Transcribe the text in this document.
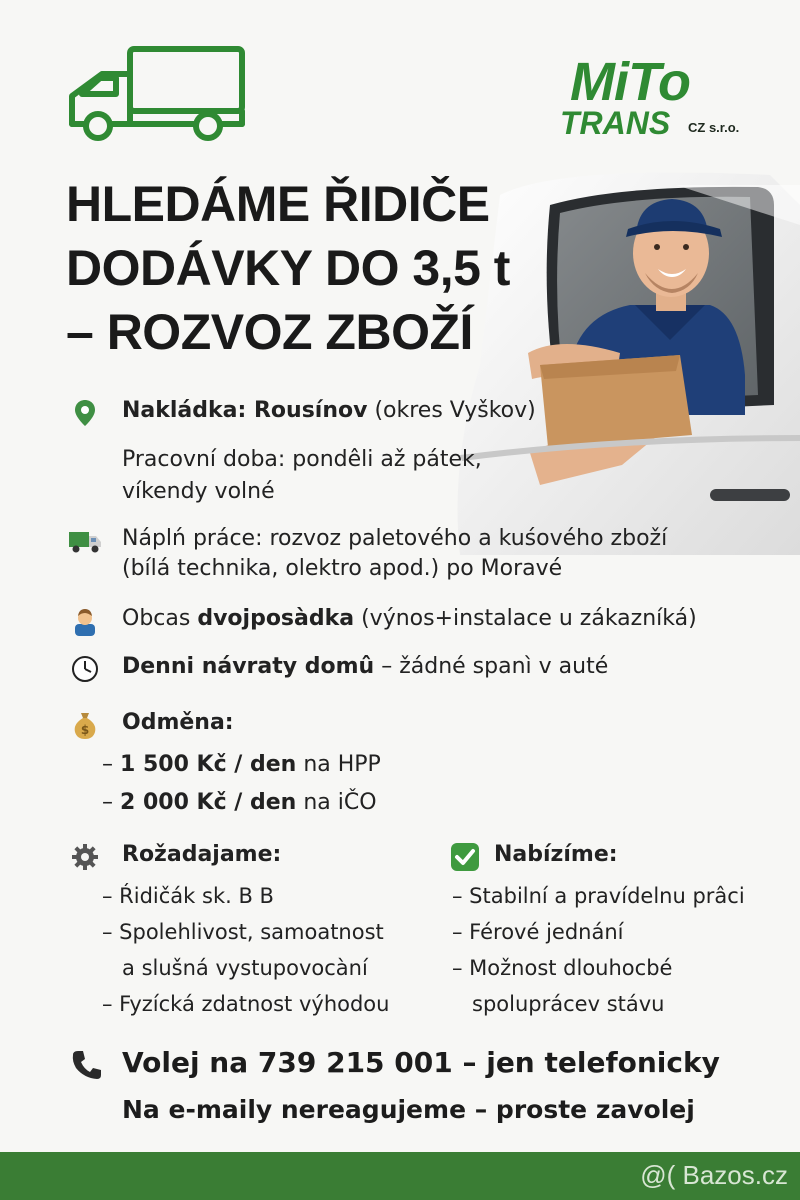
MiTo
TRANS CZ s.r.o.
HLEDÁME ŘIDIČE
DODÁVKY DO 3,5 t
– ROZVOZ ZBOŽÍ
Nakládka: Rousínov (okres Vyškov)
Pracovní doba: pondêli až pátek,
víkendy volné
Náplń práce: rozvoz paletového a kuśového zboží
(bílá technika, olektro apod.) po Moravé
Obcas dvojposàdka (výnos+instalace u zákazníká)
Denni návraty domû – žádné spanì v auté
$ Odměna:
– 1 500 Kč / den na HPP
– 2 000 Kč / den na iČO
Rožadajame:
– Ŕidičák sk. B B
– Spolehlivost, samoatnost
a slušná vystupovocàní
– Fyzícká zdatnost výhodou
Nabízíme:
– Stabilní a pravídelnu prâci
– Férové jednání
– Možnost dlouhocbé
spoluprácev stávu
Volej na 739 215 001 – jen telefonicky
Na e-maily nereagujeme – proste zavolej
@( Bazos.cz
